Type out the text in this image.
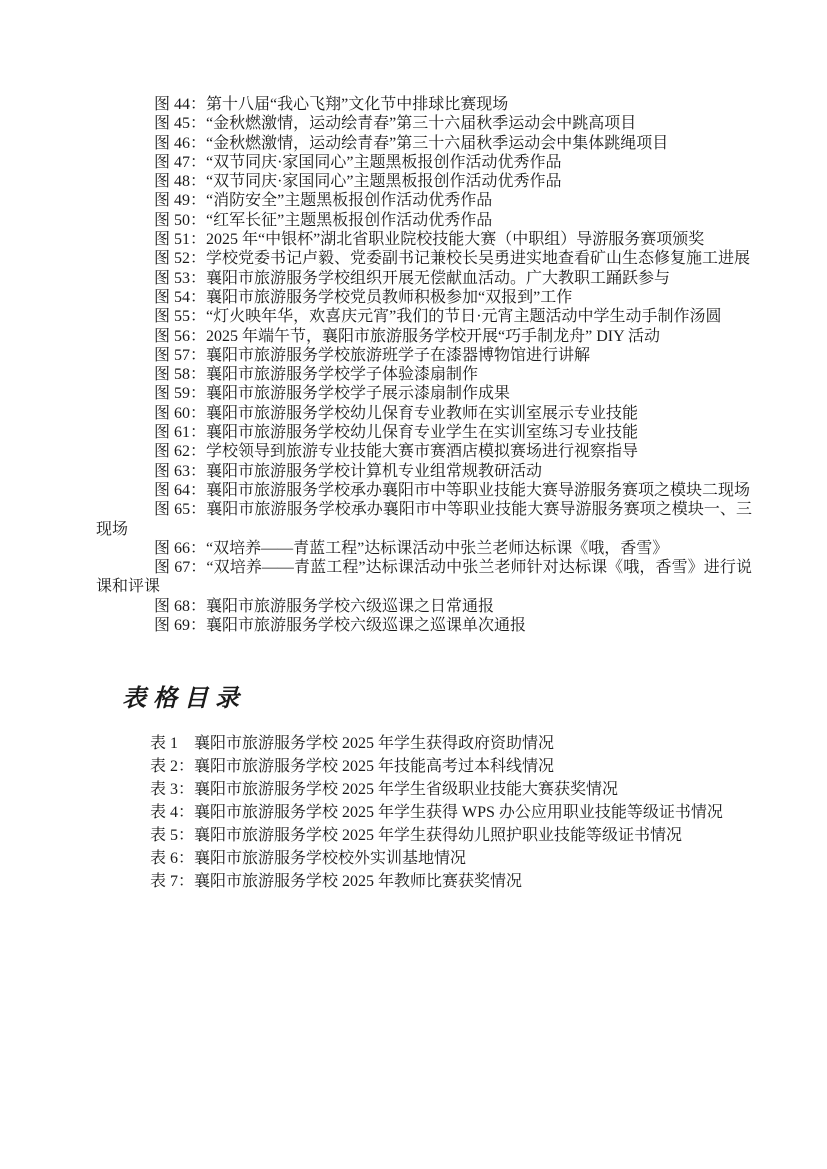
图 44：第十八届“我心飞翔”文化节中排球比赛现场

图 45：“金秋燃激情，运动绘青春”第三十六届秋季运动会中跳高项目

图 46：“金秋燃激情，运动绘青春”第三十六届秋季运动会中集体跳绳项目

图 47：“双节同庆·家国同心”主题黑板报创作活动优秀作品

图 48：“双节同庆·家国同心”主题黑板报创作活动优秀作品

图 49：“消防安全”主题黑板报创作活动优秀作品

图 50：“红军长征”主题黑板报创作活动优秀作品

图 51：2025 年“中银杯”湖北省职业院校技能大赛（中职组）导游服务赛项颁奖

图 52：学校党委书记卢毅、党委副书记兼校长吴勇进实地查看矿山生态修复施工进展

图 53：襄阳市旅游服务学校组织开展无偿献血活动。广大教职工踊跃参与

图 54：襄阳市旅游服务学校党员教师积极参加“双报到”工作

图 55：“灯火映年华，欢喜庆元宵”我们的节日·元宵主题活动中学生动手制作汤圆

图 56：2025 年端午节，襄阳市旅游服务学校开展“巧手制龙舟” DIY 活动

图 57：襄阳市旅游服务学校旅游班学子在漆器博物馆进行讲解

图 58：襄阳市旅游服务学校学子体验漆扇制作

图 59：襄阳市旅游服务学校学子展示漆扇制作成果

图 60：襄阳市旅游服务学校幼儿保育专业教师在实训室展示专业技能

图 61：襄阳市旅游服务学校幼儿保育专业学生在实训室练习专业技能

图 62：学校领导到旅游专业技能大赛市赛酒店模拟赛场进行视察指导

图 63：襄阳市旅游服务学校计算机专业组常规教研活动

图 64：襄阳市旅游服务学校承办襄阳市中等职业技能大赛导游服务赛项之模块二现场

图 65：襄阳市旅游服务学校承办襄阳市中等职业技能大赛导游服务赛项之模块一、三现场

图 66：“双培养——青蓝工程”达标课活动中张兰老师达标课《哦，香雪》

图 67：“双培养——青蓝工程”达标课活动中张兰老师针对达标课《哦，香雪》进行说课和评课

图 68：襄阳市旅游服务学校六级巡课之日常通报

图 69：襄阳市旅游服务学校六级巡课之巡课单次通报

表格目录

表 1　襄阳市旅游服务学校 2025 年学生获得政府资助情况

表 2：襄阳市旅游服务学校 2025 年技能高考过本科线情况

表 3：襄阳市旅游服务学校 2025 年学生省级职业技能大赛获奖情况

表 4：襄阳市旅游服务学校 2025 年学生获得 WPS 办公应用职业技能等级证书情况

表 5：襄阳市旅游服务学校 2025 年学生获得幼儿照护职业技能等级证书情况

表 6：襄阳市旅游服务学校校外实训基地情况

表 7：襄阳市旅游服务学校 2025 年教师比赛获奖情况
